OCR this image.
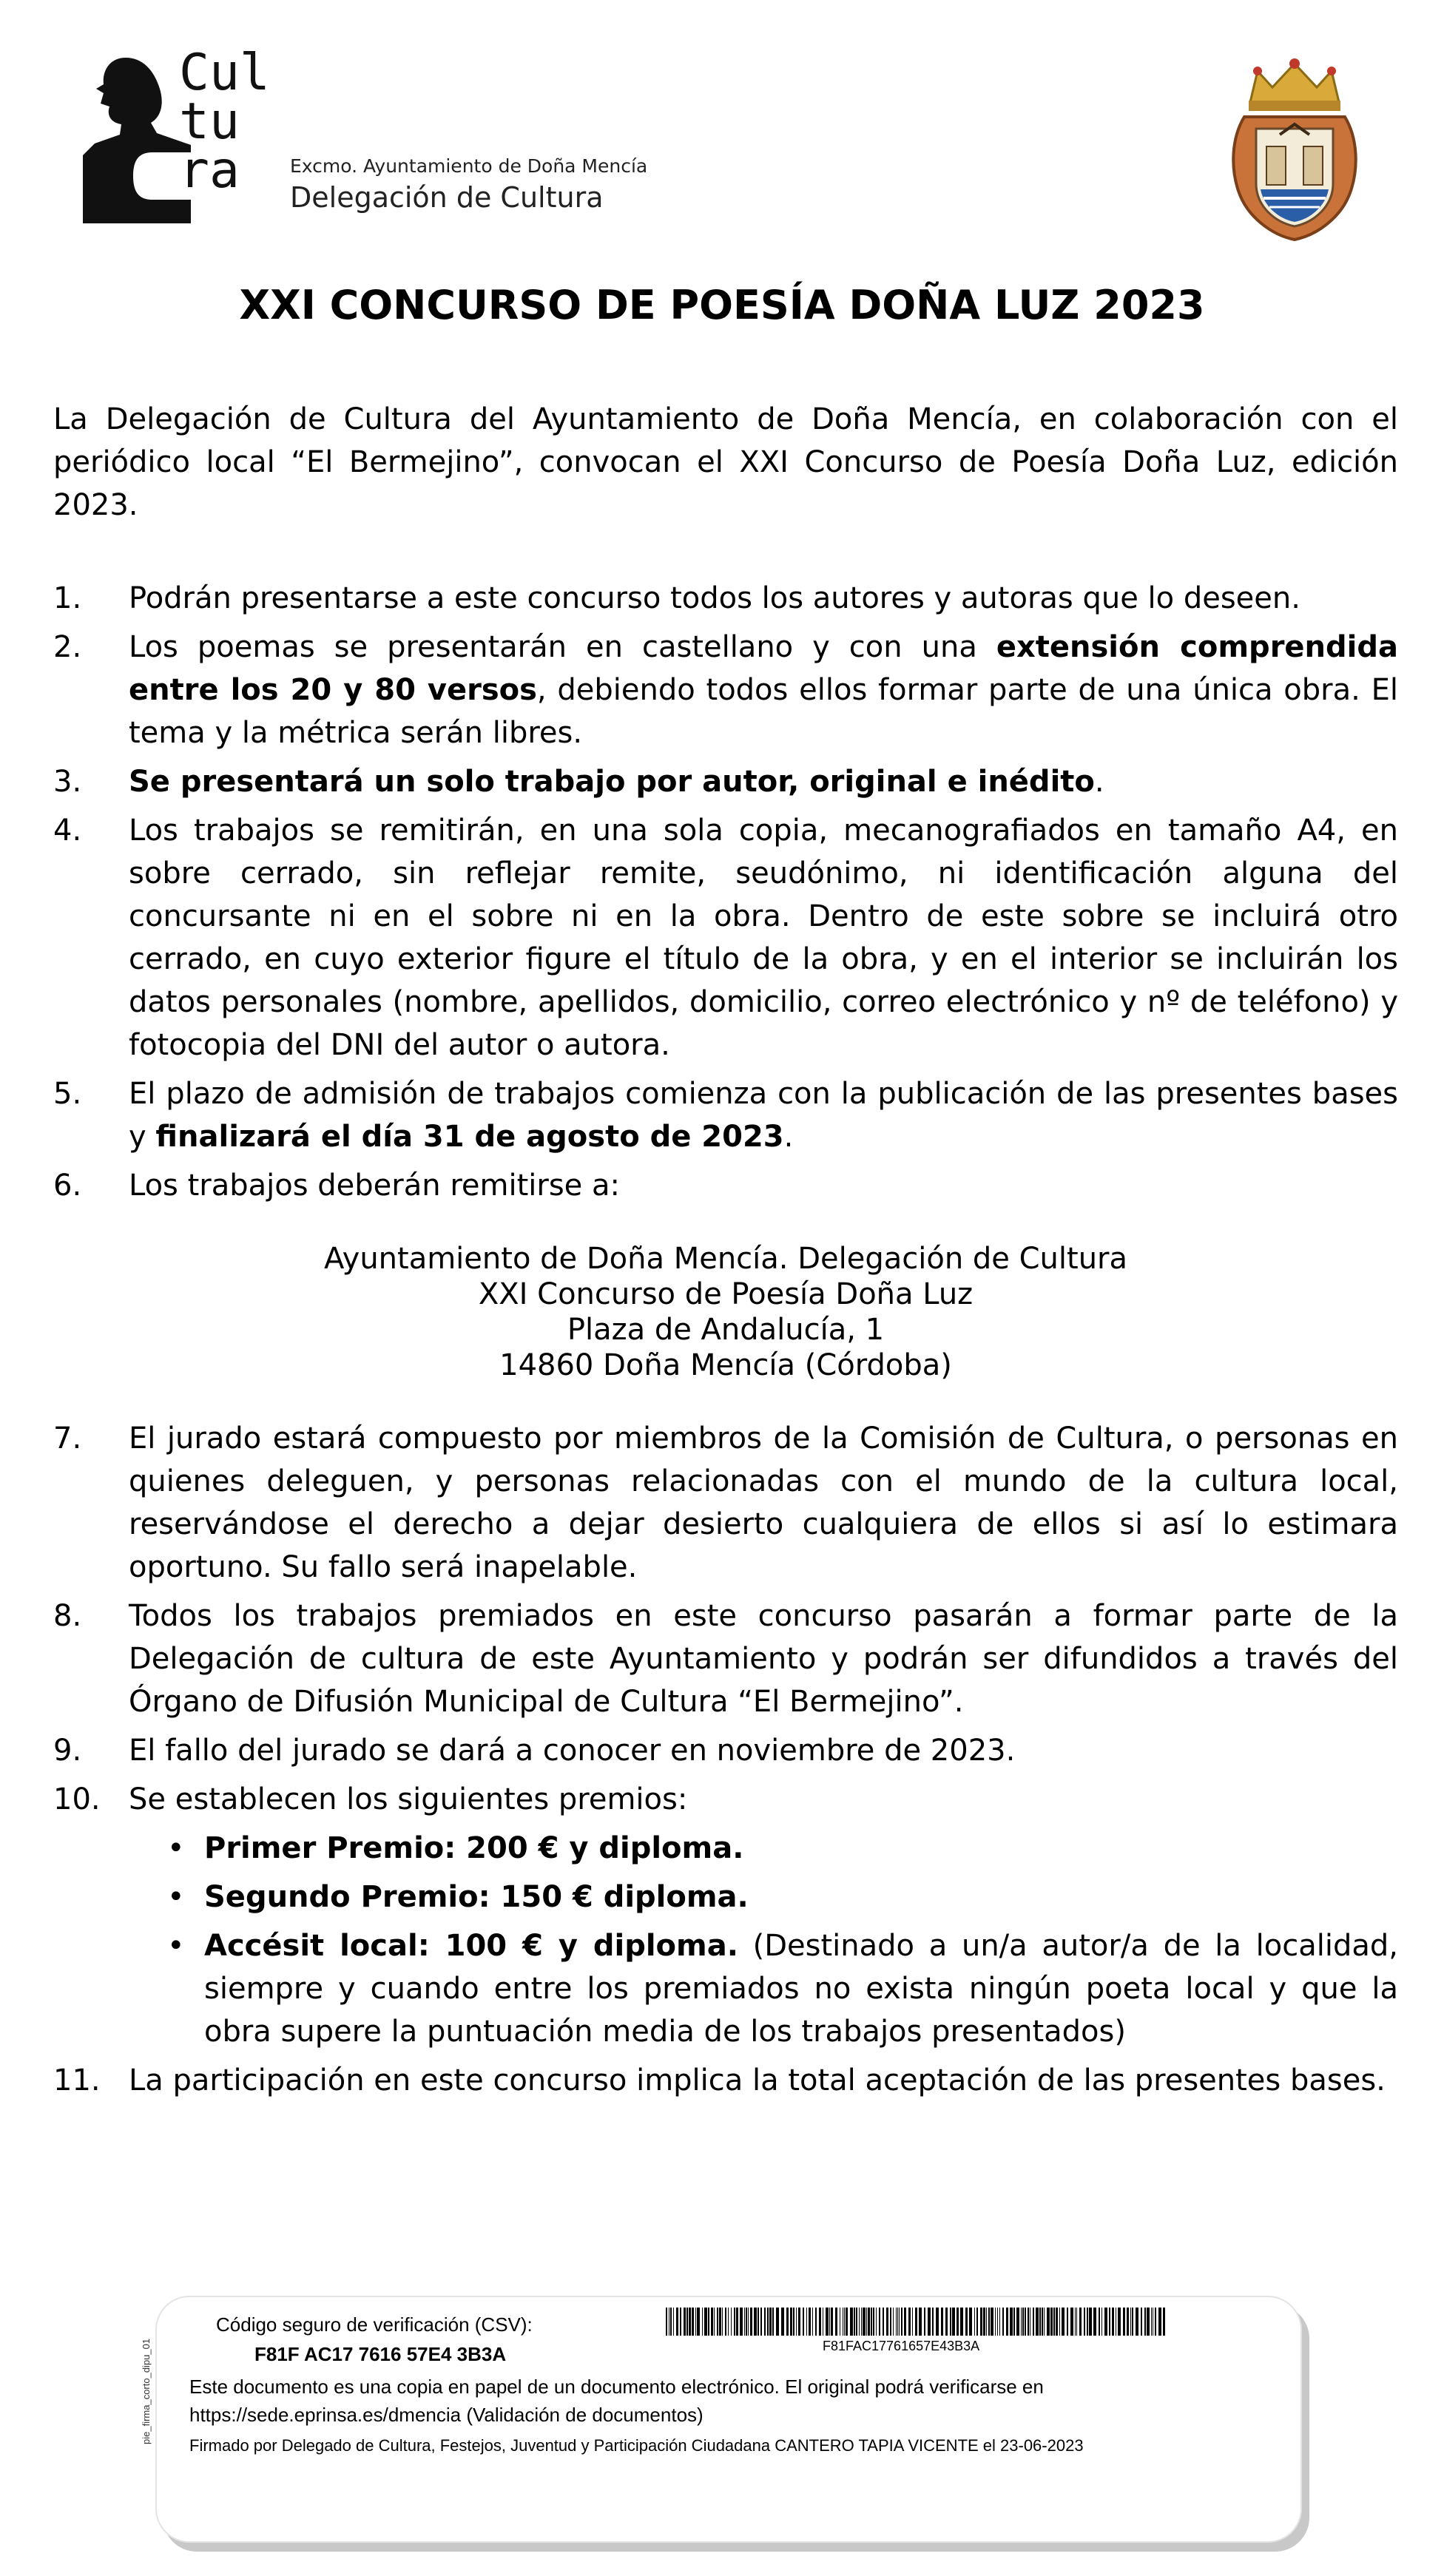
Cul
tu
ra	Excmo. Ayuntamiento de Doña Mencía
Delegación de Cultura
XXI CONCURSO DE POESÍA DOÑA LUZ 2023

La Delegación de Cultura del Ayuntamiento de Doña Mencía, en colaboración con el periódico local “El Bermejino”, convocan el XXI Concurso de Poesía Doña Luz, edición 2023.

1. Podrán presentarse a este concurso todos los autores y autoras que lo deseen.
2. Los poemas se presentarán en castellano y con una extensión comprendida entre los 20 y 80 versos, debiendo todos ellos formar parte de una única obra. El tema y la métrica serán libres.
3. Se presentará un solo trabajo por autor, original e inédito.
4. Los trabajos se remitirán, en una sola copia, mecanografiados en tamaño A4, en sobre cerrado, sin reflejar remite, seudónimo, ni identificación alguna del concursante ni en el sobre ni en la obra. Dentro de este sobre se incluirá otro cerrado, en cuyo exterior figure el título de la obra, y en el interior se incluirán los datos personales (nombre, apellidos, domicilio, correo electrónico y nº de teléfono) y fotocopia del DNI del autor o autora.
5. El plazo de admisión de trabajos comienza con la publicación de las presentes bases y finalizará el día 31 de agosto de 2023.
6. Los trabajos deberán remitirse a:
Ayuntamiento de Doña Mencía. Delegación de Cultura
XXI Concurso de Poesía Doña Luz
Plaza de Andalucía, 1
14860 Doña Mencía (Córdoba)
7. El jurado estará compuesto por miembros de la Comisión de Cultura, o personas en quienes deleguen, y personas relacionadas con el mundo de la cultura local, reservándose el derecho a dejar desierto cualquiera de ellos si así lo estimara oportuno. Su fallo será inapelable.
8. Todos los trabajos premiados en este concurso pasarán a formar parte de la Delegación de cultura de este Ayuntamiento y podrán ser difundidos a través del Órgano de Difusión Municipal de Cultura “El Bermejino”.
9. El fallo del jurado se dará a conocer en noviembre de 2023.
10. Se establecen los siguientes premios:
• Primer Premio: 200 € y diploma.
• Segundo Premio: 150 € diploma.
• Accésit local: 100 € y diploma. (Destinado a un/a autor/a de la localidad, siempre y cuando entre los premiados no exista ningún poeta local y que la obra supere la puntuación media de los trabajos presentados)
11. La participación en este concurso implica la total aceptación de las presentes bases.
pie_firma_corto_dipu_01
Código seguro de verificación (CSV):
F81F AC17 7616 57E4 3B3A	F81FAC17761657E43B3A
Este documento es una copia en papel de un documento electrónico. El original podrá verificarse en
https://sede.eprinsa.es/dmencia (Validación de documentos)
Firmado por Delegado de Cultura, Festejos, Juventud y Participación Ciudadana CANTERO TAPIA VICENTE el 23-06-2023
